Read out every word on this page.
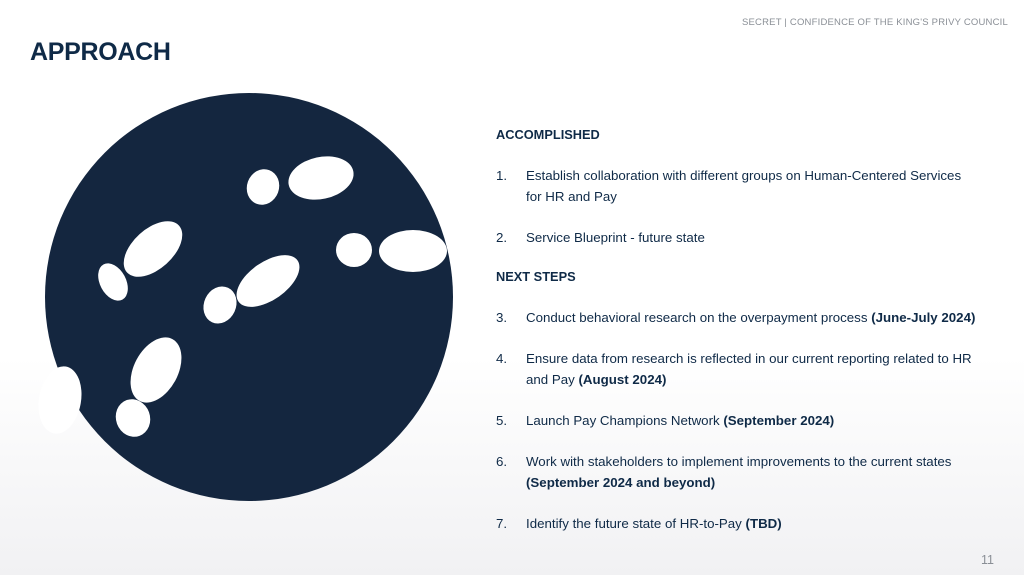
SECRET | CONFIDENCE OF THE KING'S PRIVY COUNCIL
APPROACH
ACCOMPLISHED
1.	Establish collaboration with different groups on Human-Centered Services for HR and Pay
2.	Service Blueprint - future state
NEXT STEPS
3.	Conduct behavioral research on the overpayment process (June-July 2024)
4.	Ensure data from research is reflected in our current reporting related to HR and Pay (August 2024)
5.	Launch Pay Champions Network (September 2024)
6.	Work with stakeholders to implement improvements to the current states (September 2024 and beyond)
7.	Identify the future state of HR-to-Pay (TBD)
11
